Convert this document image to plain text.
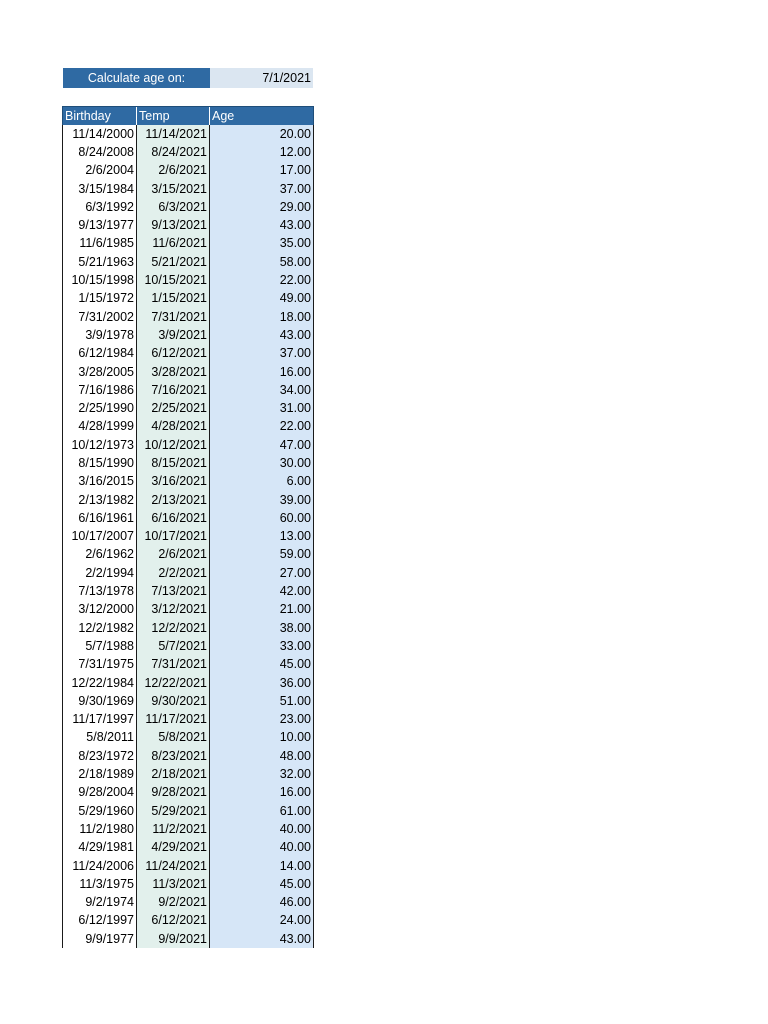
Calculate age on:	7/1/2021
Birthday	Temp	Age
11/14/2000	11/14/2021	20.00
8/24/2008	8/24/2021	12.00
2/6/2004	2/6/2021	17.00
3/15/1984	3/15/2021	37.00
6/3/1992	6/3/2021	29.00
9/13/1977	9/13/2021	43.00
11/6/1985	11/6/2021	35.00
5/21/1963	5/21/2021	58.00
10/15/1998	10/15/2021	22.00
1/15/1972	1/15/2021	49.00
7/31/2002	7/31/2021	18.00
3/9/1978	3/9/2021	43.00
6/12/1984	6/12/2021	37.00
3/28/2005	3/28/2021	16.00
7/16/1986	7/16/2021	34.00
2/25/1990	2/25/2021	31.00
4/28/1999	4/28/2021	22.00
10/12/1973	10/12/2021	47.00
8/15/1990	8/15/2021	30.00
3/16/2015	3/16/2021	6.00
2/13/1982	2/13/2021	39.00
6/16/1961	6/16/2021	60.00
10/17/2007	10/17/2021	13.00
2/6/1962	2/6/2021	59.00
2/2/1994	2/2/2021	27.00
7/13/1978	7/13/2021	42.00
3/12/2000	3/12/2021	21.00
12/2/1982	12/2/2021	38.00
5/7/1988	5/7/2021	33.00
7/31/1975	7/31/2021	45.00
12/22/1984	12/22/2021	36.00
9/30/1969	9/30/2021	51.00
11/17/1997	11/17/2021	23.00
5/8/2011	5/8/2021	10.00
8/23/1972	8/23/2021	48.00
2/18/1989	2/18/2021	32.00
9/28/2004	9/28/2021	16.00
5/29/1960	5/29/2021	61.00
11/2/1980	11/2/2021	40.00
4/29/1981	4/29/2021	40.00
11/24/2006	11/24/2021	14.00
11/3/1975	11/3/2021	45.00
9/2/1974	9/2/2021	46.00
6/12/1997	6/12/2021	24.00
9/9/1977	9/9/2021	43.00
